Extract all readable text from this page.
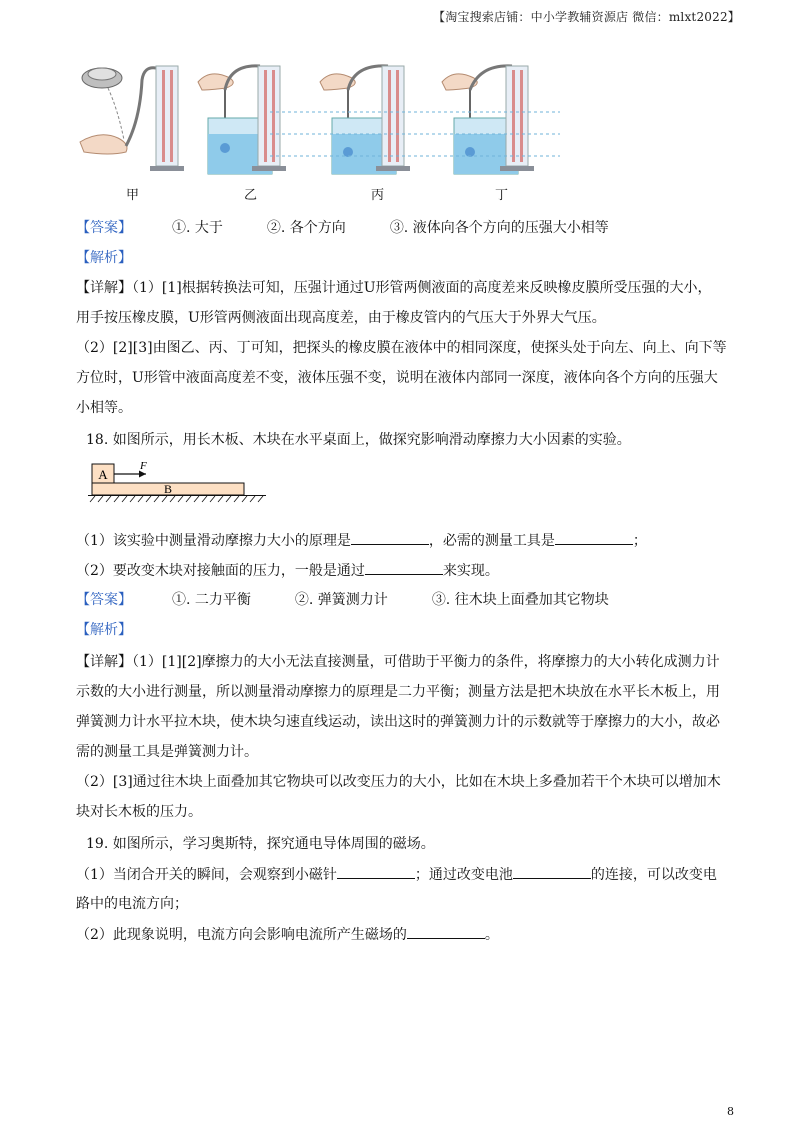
【淘宝搜索店铺：中小学教辅资源店 微信：mlxt2022】
甲	乙	丙	丁
【答案】	①. 大于	②. 各个方向	③. 液体向各个方向的压强大小相等
【解析】
【详解】（1）[1]根据转换法可知，压强计通过U形管两侧液面的高度差来反映橡皮膜所受压强的大小，
用手按压橡皮膜，U形管两侧液面出现高度差，由于橡皮管内的气压大于外界大气压。
（2）[2][3]由图乙、丙、丁可知，把探头的橡皮膜在液体中的相同深度，使探头处于向左、向上、向下等
方位时，U形管中液面高度差不变，液体压强不变，说明在液体内部同一深度，液体向各个方向的压强大
小相等。
18. 如图所示，用长木板、木块在水平桌面上，做探究影响滑动摩擦力大小因素的实验。
A
F
B
（1）该实验中测量滑动摩擦力大小的原理是	，必需的测量工具是	；
（2）要改变木块对接触面的压力，一般是通过	来实现。
【答案】	①. 二力平衡	②. 弹簧测力计	③. 往木块上面叠加其它物块
【解析】
【详解】（1）[1][2]摩擦力的大小无法直接测量，可借助于平衡力的条件，将摩擦力的大小转化成测力计
示数的大小进行测量，所以测量滑动摩擦力的原理是二力平衡；测量方法是把木块放在水平长木板上，用
弹簧测力计水平拉木块，使木块匀速直线运动，读出这时的弹簧测力计的示数就等于摩擦力的大小，故必
需的测量工具是弹簧测力计。
（2）[3]通过往木块上面叠加其它物块可以改变压力的大小，比如在木块上多叠加若干个木块可以增加木
块对长木板的压力。
19. 如图所示，学习奥斯特，探究通电导体周围的磁场。
（1）当闭合开关的瞬间，会观察到小磁针	；通过改变电池	的连接，可以改变电
路中的电流方向；
（2）此现象说明，电流方向会影响电流所产生磁场的	。
8
